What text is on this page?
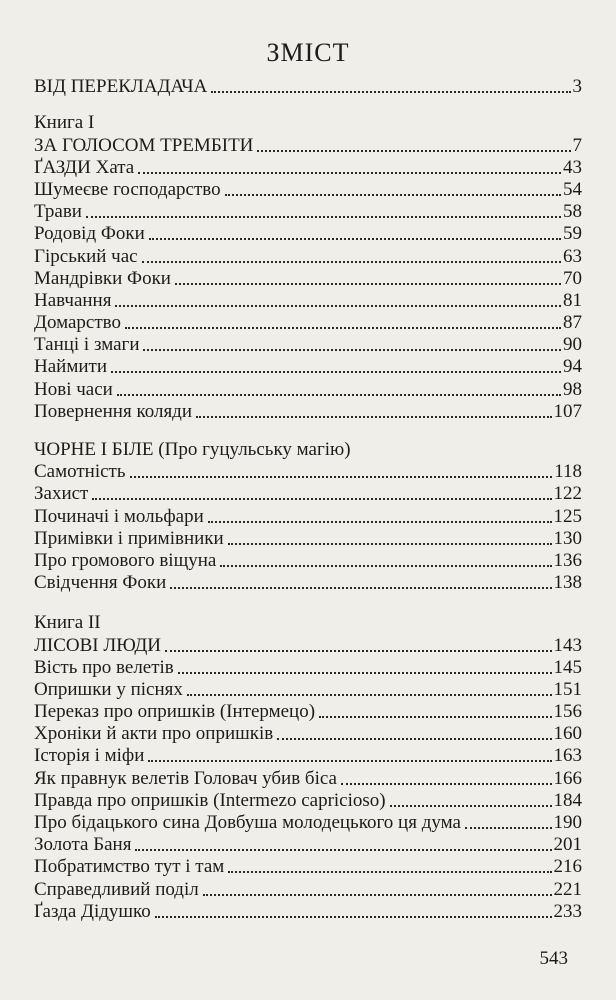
ЗМІСТ
ВІД ПЕРЕКЛАДАЧА	3
Книга І
ЗА ГОЛОСОМ ТРЕМБІТИ	7
ҐАЗДИ Хата	43
Шумеєве господарство	54
Трави	58
Родовід Фоки	59
Гірський час	63
Мандрівки Фоки	70
Навчання	81
Домарство	87
Танці і змаги	90
Наймити	94
Нові часи	98
Повернення коляди	107
ЧОРНЕ І БІЛЕ (Про гуцульську магію)
Самотність	118
Захист	122
Починачі і мольфари	125
Примівки і примівники	130
Про громового віщуна	136
Свідчення Фоки	138
Книга II
ЛІСОВІ ЛЮДИ	143
Вість про велетів	145
Опришки у піснях	151
Переказ про опришків (Інтермецо)	156
Хроніки й акти про опришків	160
Історія і міфи	163
Як правнук велетів Головач убив біса	166
Правда про опришків (Intermezo capricioso)	184
Про бідацького сина Довбуша молодецького ця дума	190
Золота Баня	201
Побратимство тут і там	216
Справедливий поділ	221
Ґазда Дідушко	233
543
